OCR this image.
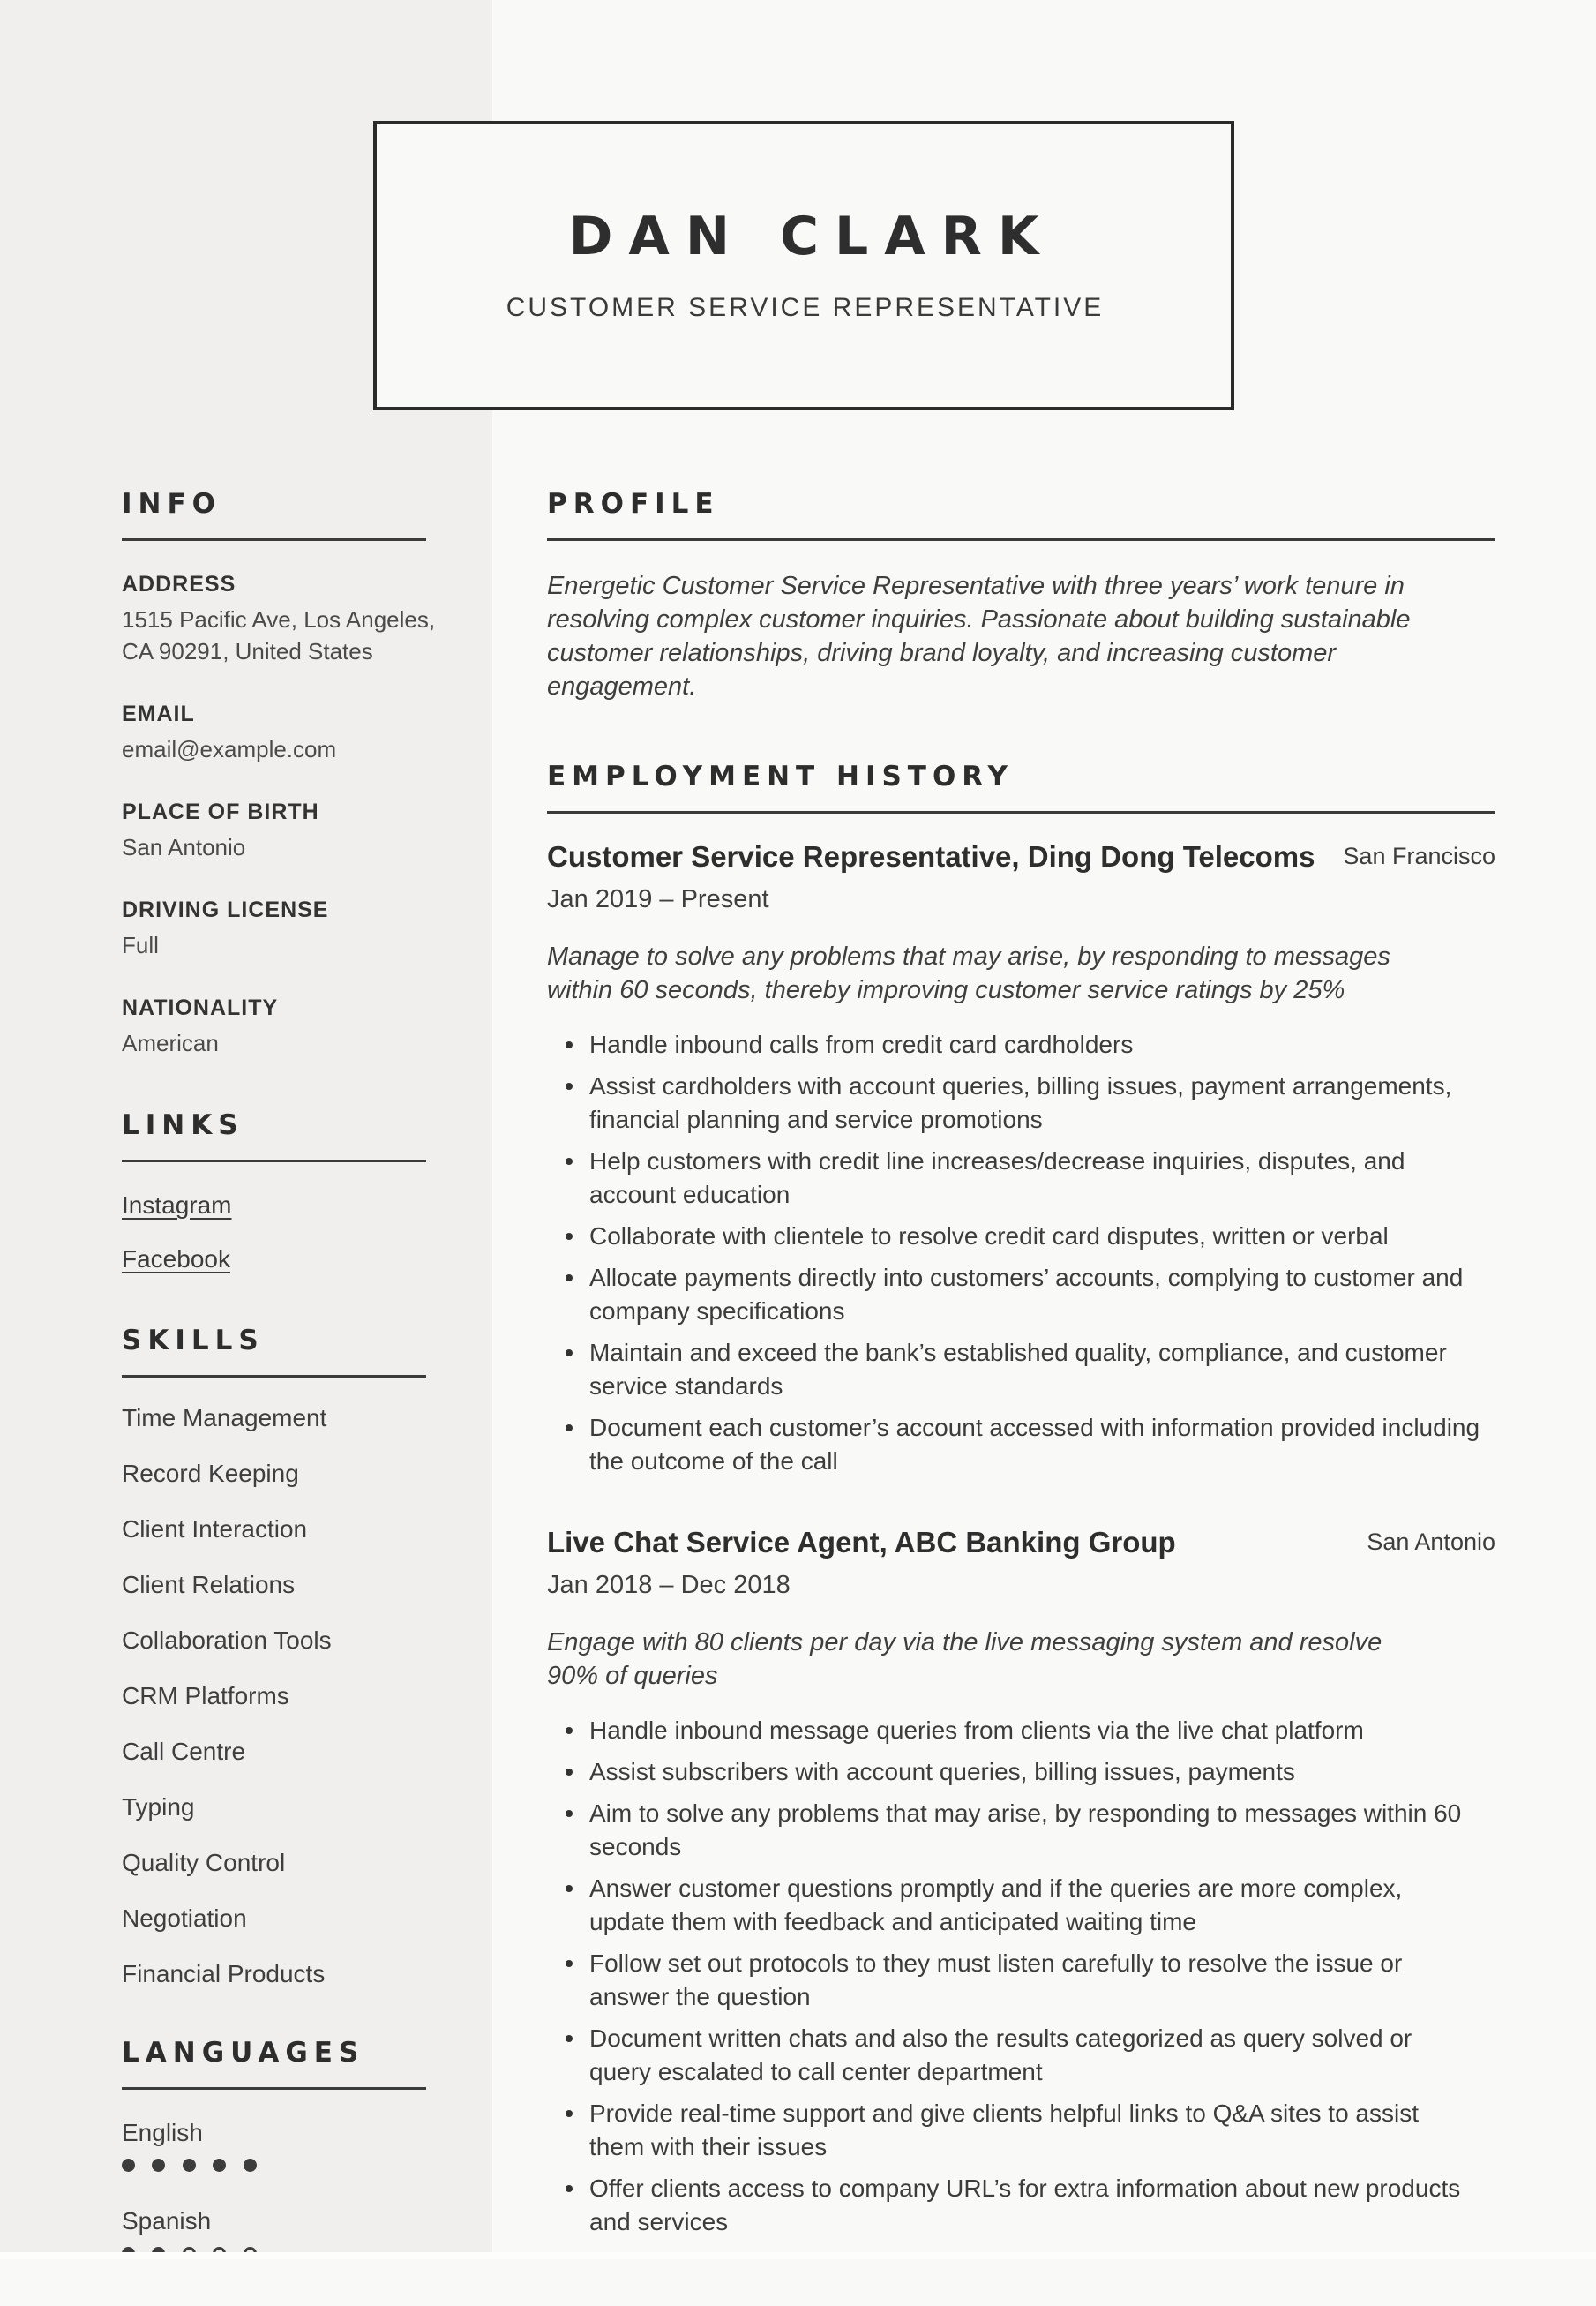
DAN CLARK
CUSTOMER SERVICE REPRESENTATIVE
INFO
ADDRESS
1515 Pacific Ave, Los Angeles, CA 90291, United States
EMAIL
email@example.com
PLACE OF BIRTH
San Antonio
DRIVING LICENSE
Full
NATIONALITY
American
LINKS
Instagram
Facebook
SKILLS
Time Management
Record Keeping
Client Interaction
Client Relations
Collaboration Tools
CRM Platforms
Call Centre
Typing
Quality Control
Negotiation
Financial Products
LANGUAGES
English

Spanish

PROFILE
Energetic Customer Service Representative with three years’ work tenure in resolving complex customer inquiries. Passionate about building sustainable customer relationships, driving brand loyalty, and increasing customer engagement.
EMPLOYMENT HISTORY
Customer Service Representative, Ding Dong Telecoms	San Francisco
Jan 2019 – Present
Manage to solve any problems that may arise, by responding to messages within 60 seconds, thereby improving customer service ratings by 25%
Handle inbound calls from credit card cardholders
Assist cardholders with account queries, billing issues, payment arrangements, financial planning and service promotions
Help customers with credit line increases/decrease inquiries, disputes, and account education
Collaborate with clientele to resolve credit card disputes, written or verbal
Allocate payments directly into customers’ accounts, complying to customer and company specifications
Maintain and exceed the bank’s established quality, compliance, and customer service standards
Document each customer’s account accessed with information provided including the outcome of the call
Live Chat Service Agent, ABC Banking Group	San Antonio
Jan 2018 – Dec 2018
Engage with 80 clients per day via the live messaging system and resolve 90% of queries
Handle inbound message queries from clients via the live chat platform
Assist subscribers with account queries, billing issues, payments
Aim to solve any problems that may arise, by responding to messages within 60 seconds
Answer customer questions promptly and if the queries are more complex, update them with feedback and anticipated waiting time
Follow set out protocols to they must listen carefully to resolve the issue or answer the question
Document written chats and also the results categorized as query solved or query escalated to call center department
Provide real-time support and give clients helpful links to Q&A sites to assist them with their issues
Offer clients access to company URL’s for extra information about new products and services
